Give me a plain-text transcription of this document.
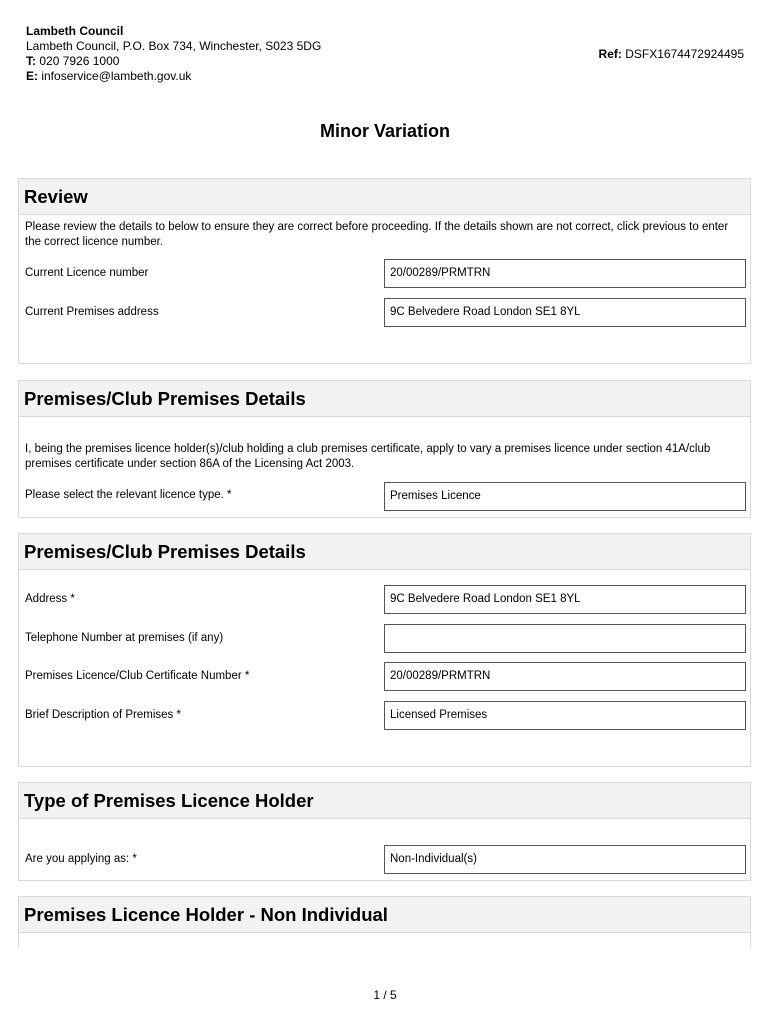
Lambeth Council
Lambeth Council, P.O. Box 734, Winchester, S023 5DG
T: 020 7926 1000
E: infoservice@lambeth.gov.uk
Ref: DSFX1674472924495
Minor Variation
Review
Please review the details to below to ensure they are correct before proceeding. If the details shown are not correct, click previous to enter the correct licence number.
Current Licence number	20/00289/PRMTRN
Current Premises address	9C Belvedere Road London SE1 8YL
Premises/Club Premises Details
I, being the premises licence holder(s)/club holding a club premises certificate, apply to vary a premises licence under section 41A/club premises certificate under section 86A of the Licensing Act 2003.
Please select the relevant licence type. *	Premises Licence
Premises/Club Premises Details
Address *	9C Belvedere Road London SE1 8YL
Telephone Number at premises (if any)
Premises Licence/Club Certificate Number *	20/00289/PRMTRN
Brief Description of Premises *	Licensed Premises
Type of Premises Licence Holder
Are you applying as: *	Non-Individual(s)
Premises Licence Holder - Non Individual
1 / 5
